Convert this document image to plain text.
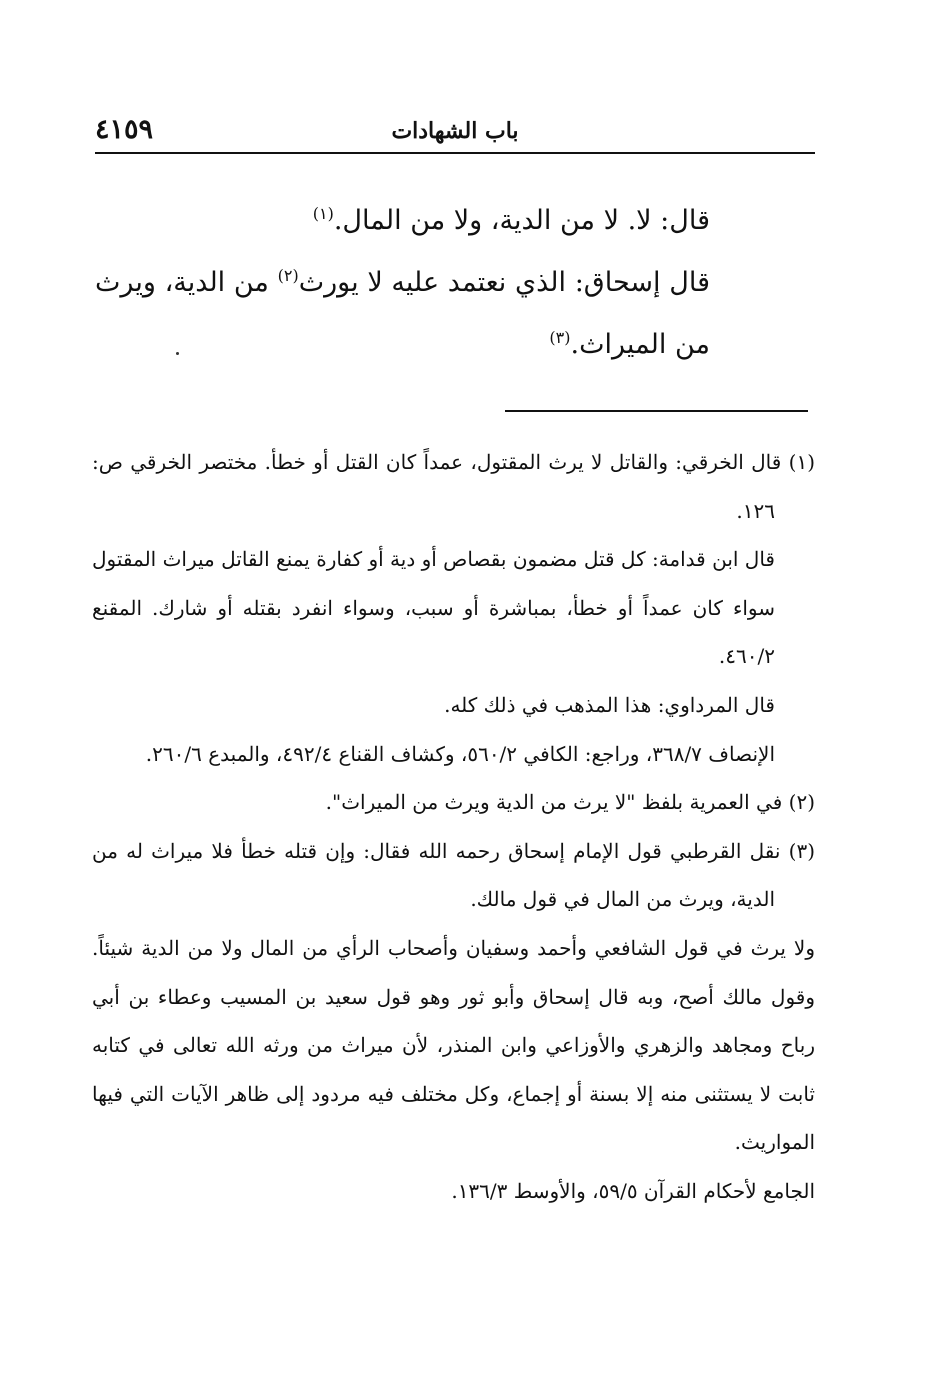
٤١٥٩	باب الشهادات

قال: لا. لا من الدية، ولا من المال.$^{(١)}$

قال إسحاق: الذي نعتمد عليه لا يورث$^{(٢)}$ من الدية، ويرث من الميراث.$^{(٣)}$

(١) قال الخرقي: والقاتل لا يرث المقتول، عمداً كان القتل أو خطأ. مختصر الخرقي ص: ١٢٦.

قال ابن قدامة: كل قتل مضمون بقصاص أو دية أو كفارة يمنع القاتل ميراث المقتول سواء كان عمداً أو خطأ، بمباشرة أو سبب، وسواء انفرد بقتله أو شارك. المقنع ٤٦٠/٢.

قال المرداوي: هذا المذهب في ذلك كله.

الإنصاف ٣٦٨/٧، وراجع: الكافي ٥٦٠/٢، وكشاف القناع ٤٩٢/٤، والمبدع ٢٦٠/٦.

(٢) في العمرية بلفظ "لا يرث من الدية ويرث من الميراث".

(٣) نقل القرطبي قول الإمام إسحاق رحمه الله فقال: وإن قتله خطأ فلا ميراث له من الدية، ويرث من المال في قول مالك.

ولا يرث في قول الشافعي وأحمد وسفيان وأصحاب الرأي من المال ولا من الدية شيئاً. وقول مالك أصح، وبه قال إسحاق وأبو ثور وهو قول سعيد بن المسيب وعطاء بن أبي رباح ومجاهد والزهري والأوزاعي وابن المنذر، لأن ميراث من ورثه الله تعالى في كتابه ثابت لا يستثنى منه إلا بسنة أو إجماع، وكل مختلف فيه مردود إلى ظاهر الآيات التي فيها المواريث.

الجامع لأحكام القرآن ٥٩/٥، والأوسط ١٣٦/٣.
